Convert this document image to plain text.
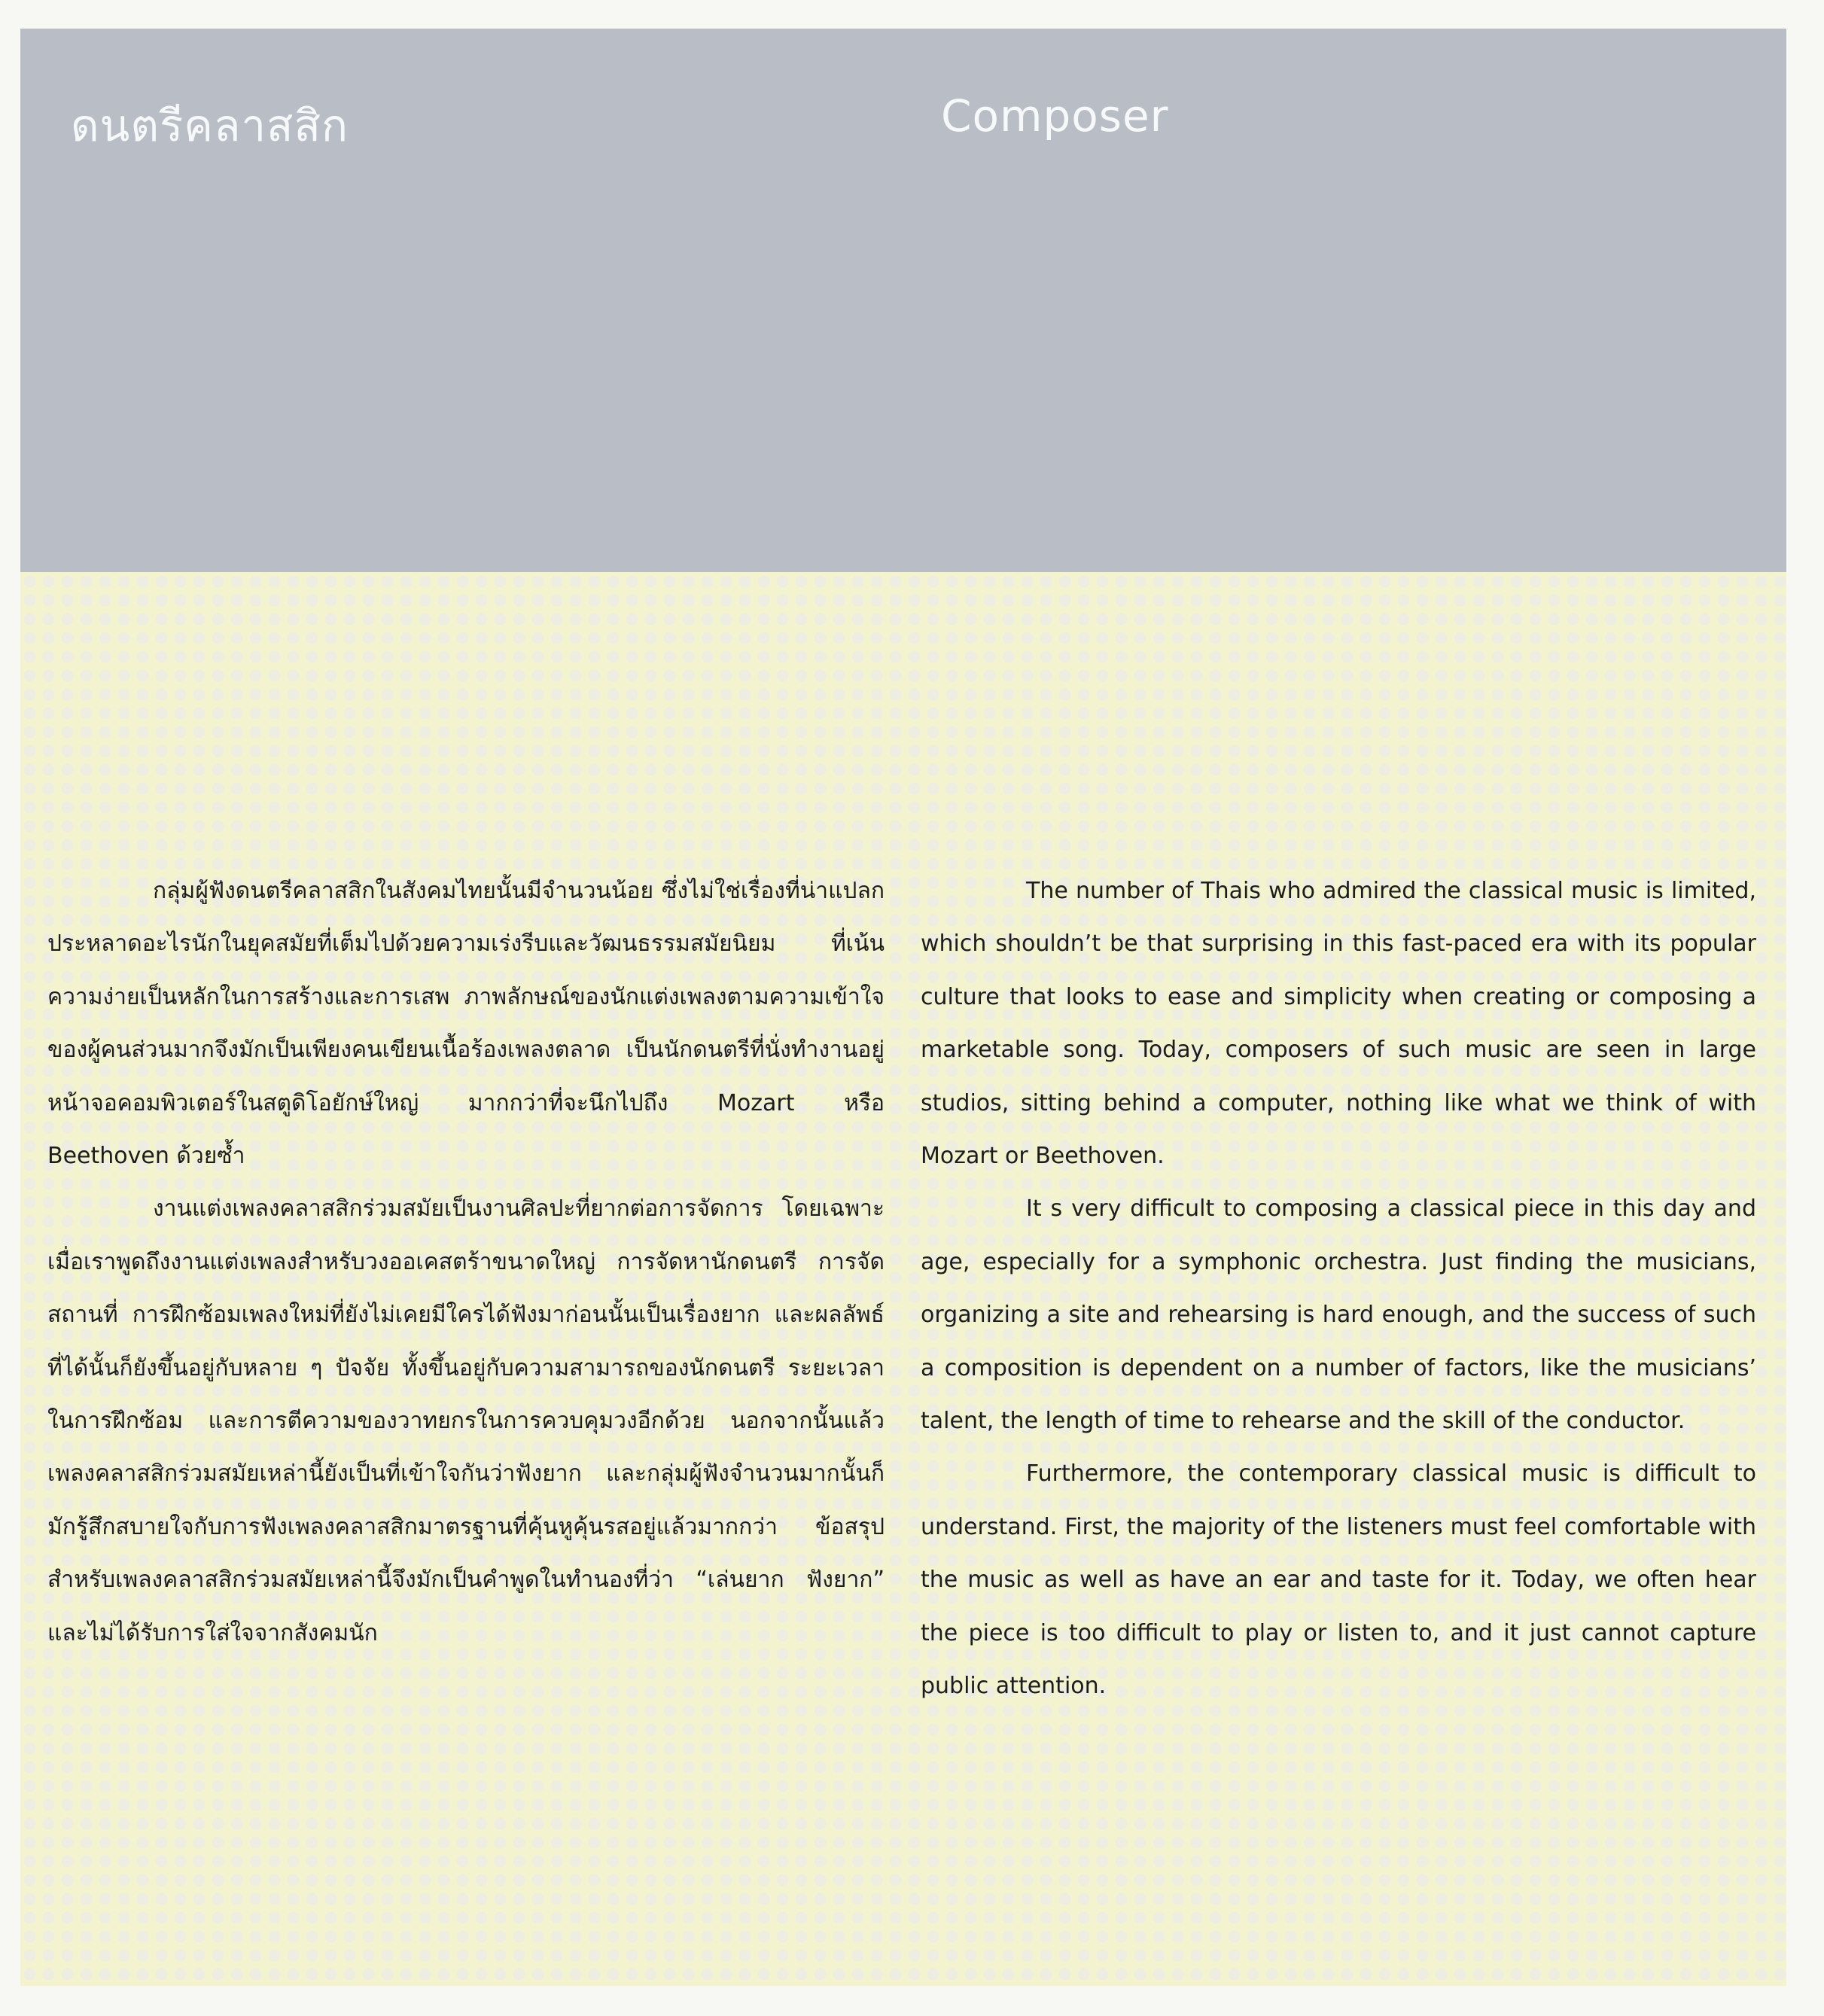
ดนตรีคลาสสิก	Composer

กลุ่มผู้ฟังดนตรีคลาสสิกในสังคมไทยนั้นมีจำนวนน้อย ซึ่งไม่ใช่เรื่องที่น่าแปลกประหลาดอะไรนักในยุคสมัยที่เต็มไปด้วยความเร่งรีบและวัฒนธรรมสมัยนิยม ที่เน้นความง่ายเป็นหลักในการสร้างและการเสพ ภาพลักษณ์ของนักแต่งเพลงตามความเข้าใจของผู้คนส่วนมากจึงมักเป็นเพียงคนเขียนเนื้อร้องเพลงตลาด เป็นนักดนตรีที่นั่งทำงานอยู่หน้าจอคอมพิวเตอร์ในสตูดิโอยักษ์ใหญ่ มากกว่าที่จะนึกไปถึง Mozart หรือ Beethoven ด้วยซ้ำ

งานแต่งเพลงคลาสสิกร่วมสมัยเป็นงานศิลปะที่ยากต่อการจัดการ โดยเฉพาะเมื่อเราพูดถึงงานแต่งเพลงสำหรับวงออเคสตร้าขนาดใหญ่ การจัดหานักดนตรี การจัดสถานที่ การฝึกซ้อมเพลงใหม่ที่ยังไม่เคยมีใครได้ฟังมาก่อนนั้นเป็นเรื่องยาก และผลลัพธ์ที่ได้นั้นก็ยังขึ้นอยู่กับหลาย ๆ ปัจจัย ทั้งขึ้นอยู่กับความสามารถของนักดนตรี ระยะเวลาในการฝึกซ้อม และการตีความของวาทยกรในการควบคุมวงอีกด้วย นอกจากนั้นแล้ว เพลงคลาสสิกร่วมสมัยเหล่านี้ยังเป็นที่เข้าใจกันว่าฟังยาก และกลุ่มผู้ฟังจำนวนมากนั้นก็มักรู้สึกสบายใจกับการฟังเพลงคลาสสิกมาตรฐานที่คุ้นหูคุ้นรสอยู่แล้วมากกว่า ข้อสรุปสำหรับเพลงคลาสสิกร่วมสมัยเหล่านี้จึงมักเป็นคำพูดในทำนองที่ว่า “เล่นยาก ฟังยาก” และไม่ได้รับการใส่ใจจากสังคมนัก

The number of Thais who admired the classical music is limited, which shouldn’t be that surprising in this fast-paced era with its popular culture that looks to ease and simplicity when creating or composing a marketable song. Today, composers of such music are seen in large studios, sitting behind a computer, nothing like what we think of with Mozart or Beethoven.

It s very difficult to composing a classical piece in this day and age, especially for a symphonic orchestra. Just finding the musicians, organizing a site and rehearsing is hard enough, and the success of such a composition is dependent on a number of factors, like the musicians’ talent, the length of time to rehearse and the skill of the conductor.

Furthermore, the contemporary classical music is difficult to understand. First, the majority of the listeners must feel comfortable with the music as well as have an ear and taste for it. Today, we often hear the piece is too difficult to play or listen to, and it just cannot capture public attention.
